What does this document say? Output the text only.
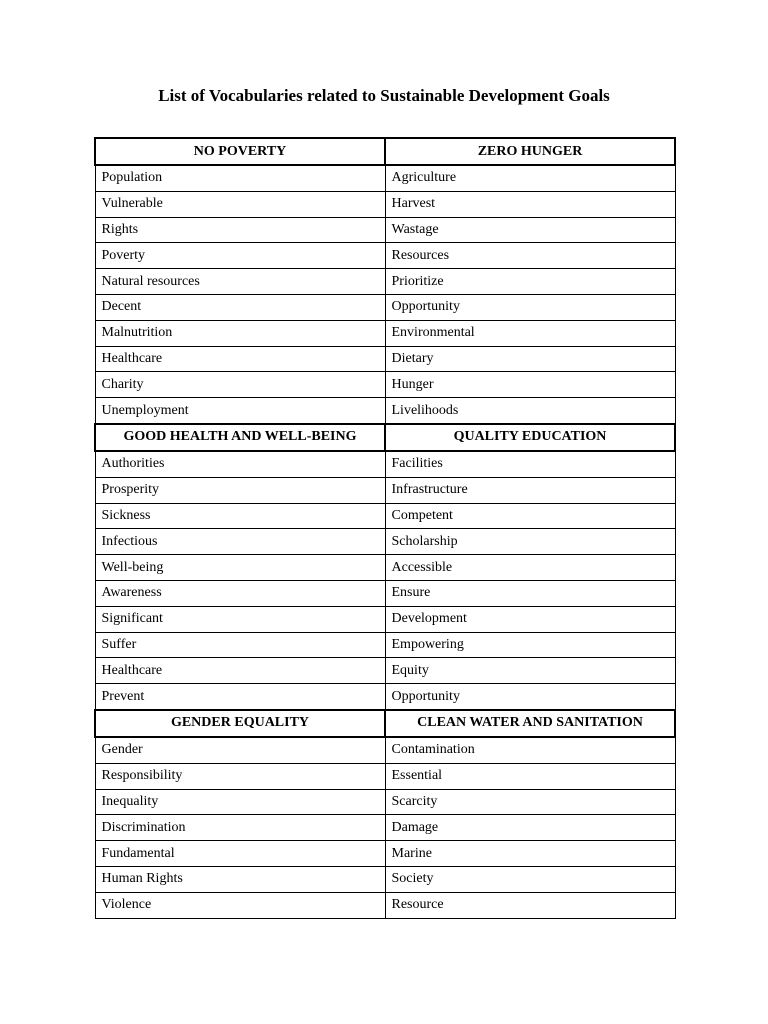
List of Vocabularies related to Sustainable Development Goals
NO POVERTY	ZERO HUNGER
Population	Agriculture
Vulnerable	Harvest
Rights	Wastage
Poverty	Resources
Natural resources	Prioritize
Decent	Opportunity
Malnutrition	Environmental
Healthcare	Dietary
Charity	Hunger
Unemployment	Livelihoods
GOOD HEALTH AND WELL-BEING	QUALITY EDUCATION
Authorities	Facilities
Prosperity	Infrastructure
Sickness	Competent
Infectious	Scholarship
Well-being	Accessible
Awareness	Ensure
Significant	Development
Suffer	Empowering
Healthcare	Equity
Prevent	Opportunity
GENDER EQUALITY	CLEAN WATER AND SANITATION
Gender	Contamination
Responsibility	Essential
Inequality	Scarcity
Discrimination	Damage
Fundamental	Marine
Human Rights	Society
Violence	Resource
